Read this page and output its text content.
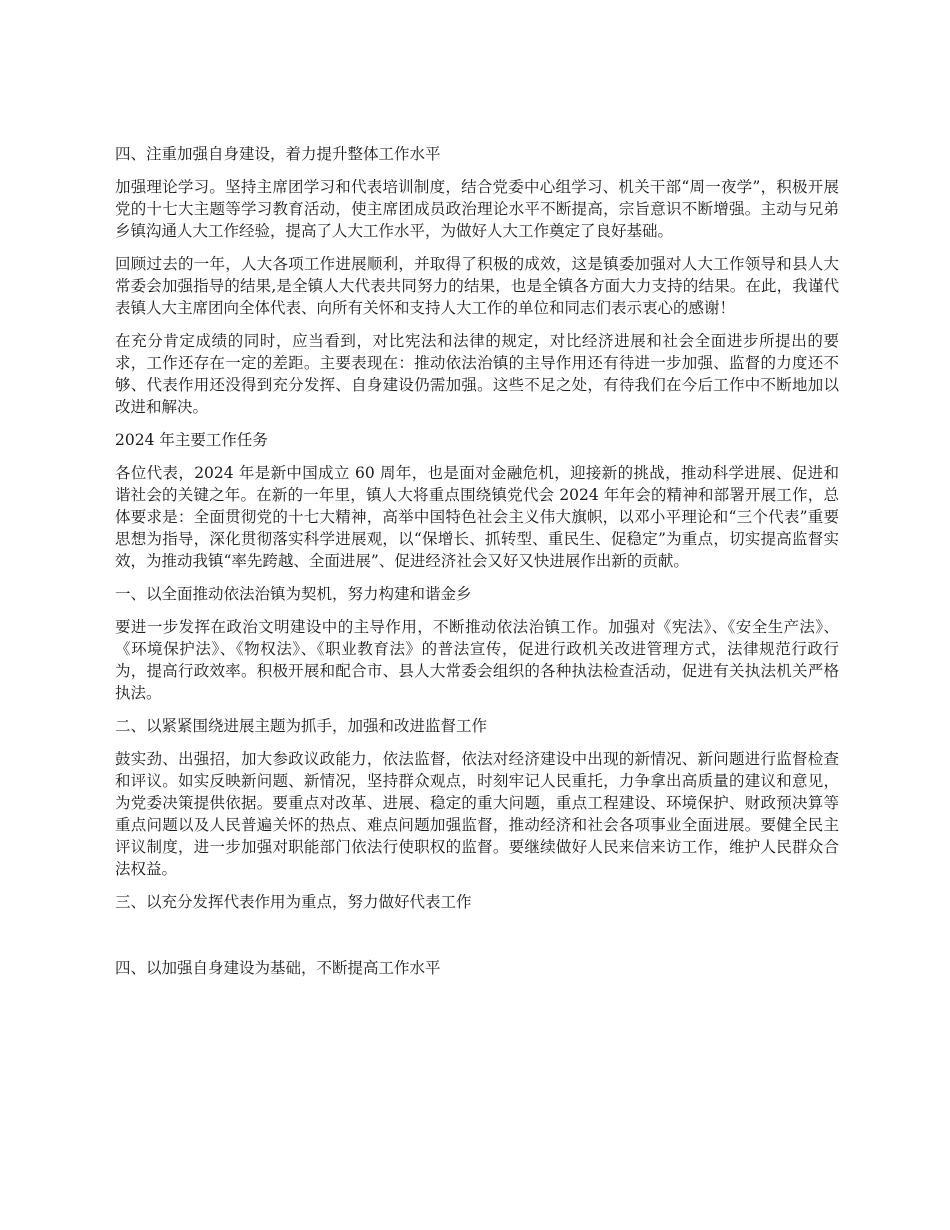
四、注重加强自身建设，着力提升整体工作水平
加强理论学习。坚持主席团学习和代表培训制度，结合党委中心组学习、机关干部“周一夜学”，积极开展党的十七大主题等学习教育活动，使主席团成员政治理论水平不断提高，宗旨意识不断增强。主动与兄弟乡镇沟通人大工作经验，提高了人大工作水平，为做好人大工作奠定了良好基础。
回顾过去的一年，人大各项工作进展顺利，并取得了积极的成效，这是镇委加强对人大工作领导和县人大常委会加强指导的结果,是全镇人大代表共同努力的结果，也是全镇各方面大力支持的结果。在此，我谨代表镇人大主席团向全体代表、向所有关怀和支持人大工作的单位和同志们表示衷心的感谢！
在充分肯定成绩的同时，应当看到，对比宪法和法律的规定，对比经济进展和社会全面进步所提出的要求，工作还存在一定的差距。主要表现在：推动依法治镇的主导作用还有待进一步加强、监督的力度还不够、代表作用还没得到充分发挥、自身建设仍需加强。这些不足之处，有待我们在今后工作中不断地加以改进和解决。
2024 年主要工作任务
各位代表，2024 年是新中国成立 60 周年，也是面对金融危机，迎接新的挑战，推动科学进展、促进和谐社会的关键之年。在新的一年里，镇人大将重点围绕镇党代会 2024 年年会的精神和部署开展工作，总体要求是：全面贯彻党的十七大精神，高举中国特色社会主义伟大旗帜，以邓小平理论和“三个代表”重要思想为指导，深化贯彻落实科学进展观，以“保增长、抓转型、重民生、促稳定”为重点，切实提高监督实效，为推动我镇“率先跨越、全面进展”、促进经济社会又好又快进展作出新的贡献。
一、以全面推动依法治镇为契机，努力构建和谐金乡
要进一步发挥在政治文明建设中的主导作用，不断推动依法治镇工作。加强对《宪法》、《安全生产法》、《环境保护法》、《物权法》、《职业教育法》的普法宣传，促进行政机关改进管理方式，法律规范行政行为，提高行政效率。积极开展和配合市、县人大常委会组织的各种执法检查活动，促进有关执法机关严格执法。
二、以紧紧围绕进展主题为抓手，加强和改进监督工作
鼓实劲、出强招，加大参政议政能力，依法监督，依法对经济建设中出现的新情况、新问题进行监督检查和评议。如实反映新问题、新情况，坚持群众观点，时刻牢记人民重托，力争拿出高质量的建议和意见，为党委决策提供依据。要重点对改革、进展、稳定的重大问题，重点工程建设、环境保护、财政预决算等重点问题以及人民普遍关怀的热点、难点问题加强监督，推动经济和社会各项事业全面进展。要健全民主评议制度，进一步加强对职能部门依法行使职权的监督。要继续做好人民来信来访工作，维护人民群众合法权益。
三、以充分发挥代表作用为重点，努力做好代表工作
四、以加强自身建设为基础，不断提高工作水平
